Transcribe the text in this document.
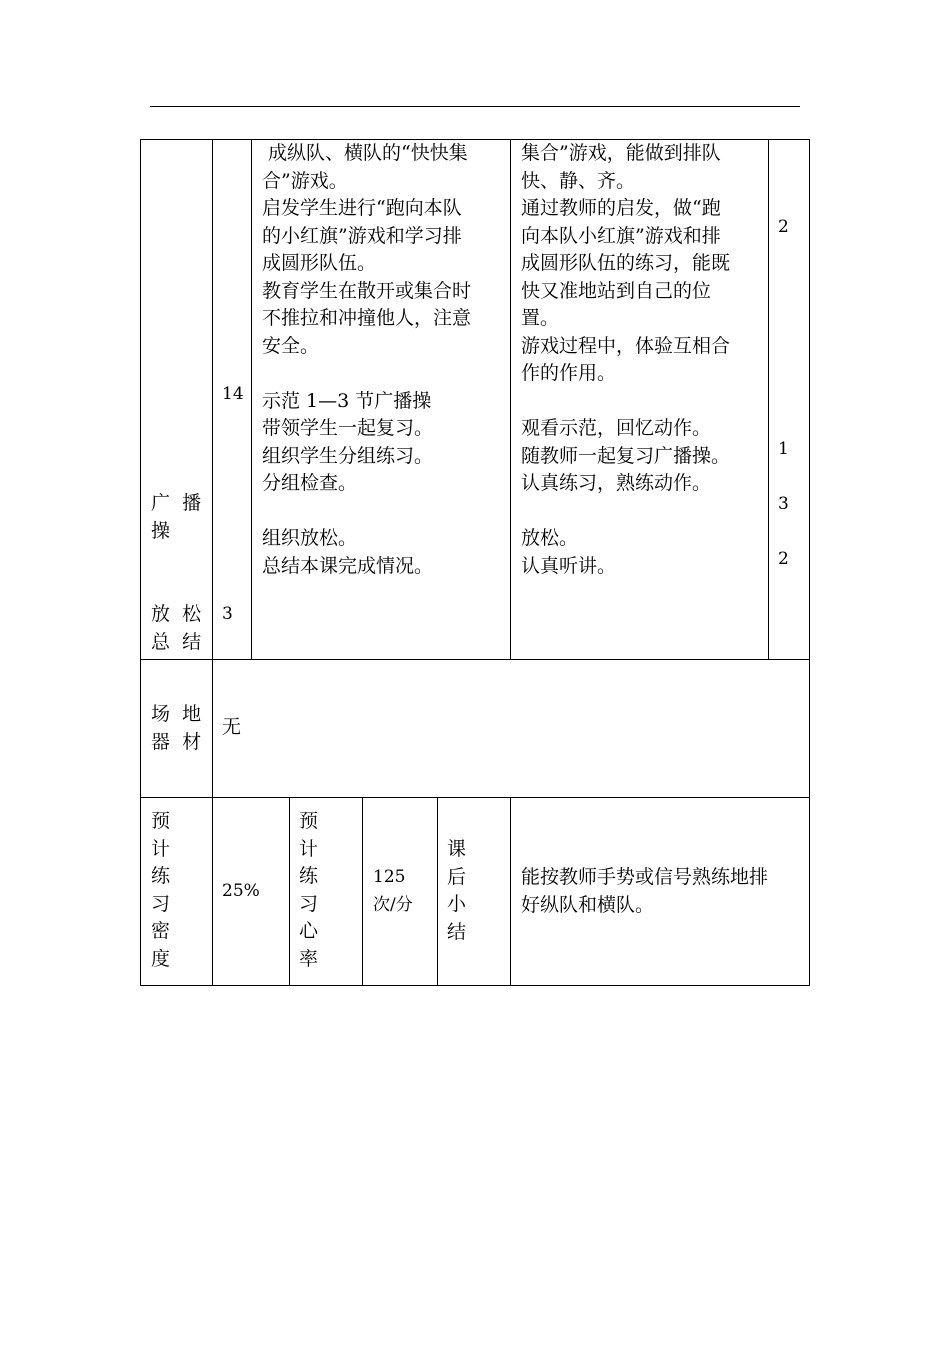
广  播
操
放  松
总  结
14
3
成纵队、横队的“快快集
合”游戏。
启发学生进行“跑向本队
的小红旗”游戏和学习排
成圆形队伍。
教育学生在散开或集合时
不推拉和冲撞他人，注意
安全。

示范 1—3 节广播操
带领学生一起复习。
组织学生分组练习。
分组检查。

组织放松。
总结本课完成情况。
集合”游戏，能做到排队
快、静、齐。
通过教师的启发，做“跑
向本队小红旗”游戏和排
成圆形队伍的练习，能既
快又准地站到自己的位
置。
游戏过程中，体验互相合
作的作用。

观看示范，回忆动作。
随教师一起复习广播操。
认真练习，熟练动作。

放松。
认真听讲。
2
1
3
2
场  地
器  材
无
预
计
练
习
密
度
25%
预
计
练
习
心
率
125
次/分
课
后
小
结
能按教师手势或信号熟练地排
好纵队和横队。
